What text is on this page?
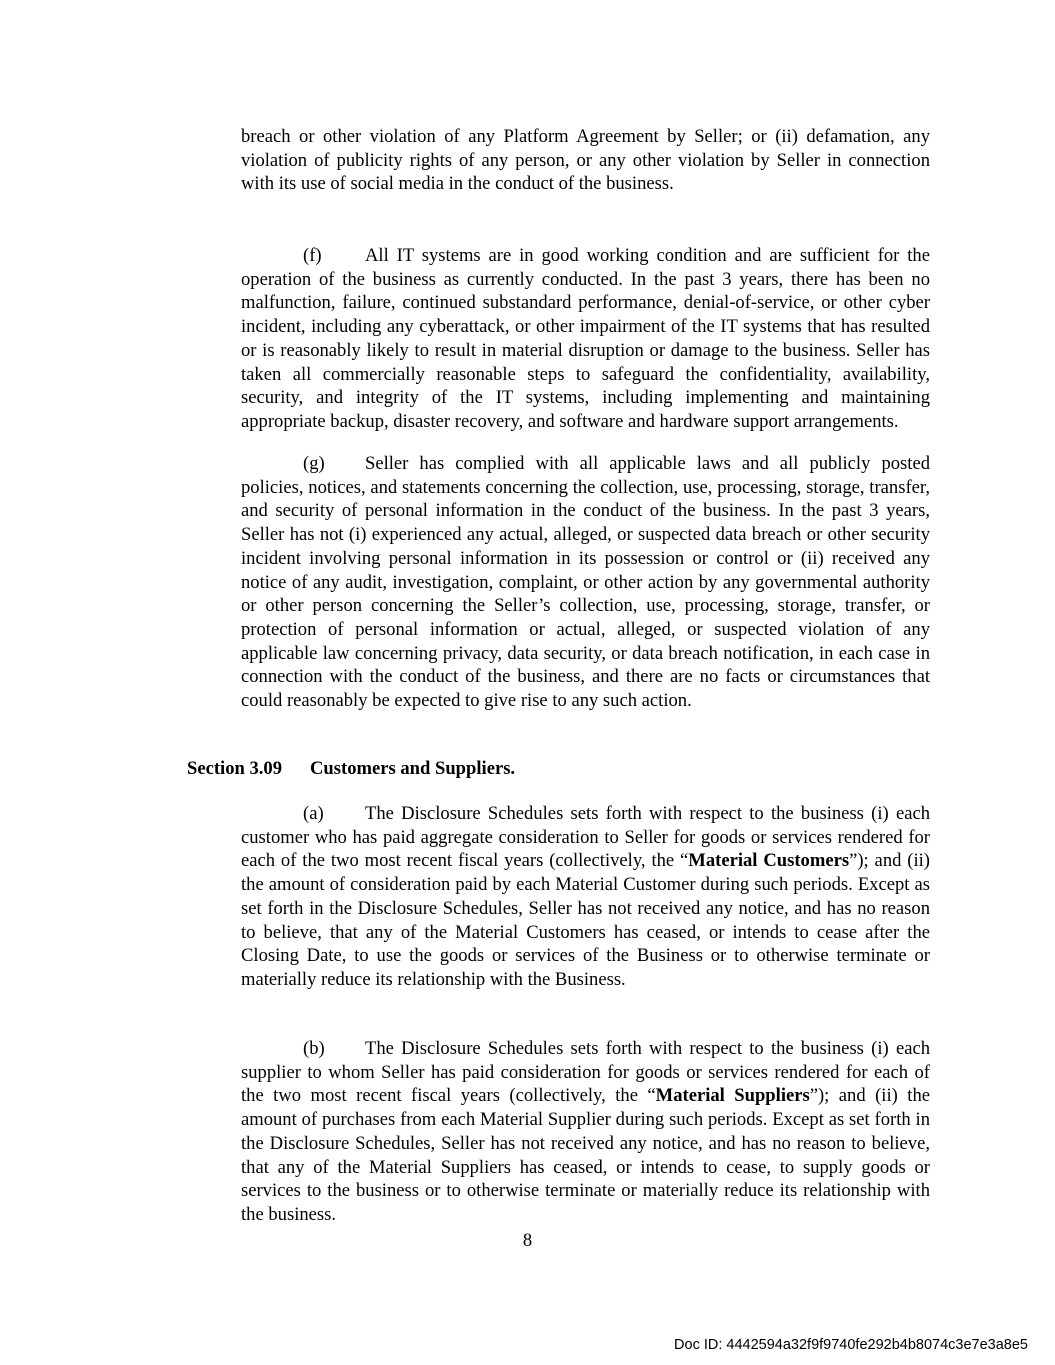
breach or other violation of any Platform Agreement by Seller; or (ii) defamation, any violation of publicity rights of any person, or any other violation by Seller in connection with its use of social media in the conduct of the business.

(f) All IT systems are in good working condition and are sufficient for the operation of the business as currently conducted. In the past 3 years, there has been no malfunction, failure, continued substandard performance, denial-of-service, or other cyber incident, including any cyberattack, or other impairment of the IT systems that has resulted or is reasonably likely to result in material disruption or damage to the business. Seller has taken all commercially reasonable steps to safeguard the confidentiality, availability, security, and integrity of the IT systems, including implementing and maintaining appropriate backup, disaster recovery, and software and hardware support arrangements.

(g) Seller has complied with all applicable laws and all publicly posted policies, notices, and statements concerning the collection, use, processing, storage, transfer, and security of personal information in the conduct of the business. In the past 3 years, Seller has not (i) experienced any actual, alleged, or suspected data breach or other security incident involving personal information in its possession or control or (ii) received any notice of any audit, investigation, complaint, or other action by any governmental authority or other person concerning the Seller’s collection, use, processing, storage, transfer, or protection of personal information or actual, alleged, or suspected violation of any applicable law concerning privacy, data security, or data breach notification, in each case in connection with the conduct of the business, and there are no facts or circumstances that could reasonably be expected to give rise to any such action.

Section 3.09 Customers and Suppliers.

(a) The Disclosure Schedules sets forth with respect to the business (i) each customer who has paid aggregate consideration to Seller for goods or services rendered for each of the two most recent fiscal years (collectively, the “Material Customers”); and (ii) the amount of consideration paid by each Material Customer during such periods. Except as set forth in the Disclosure Schedules, Seller has not received any notice, and has no reason to believe, that any of the Material Customers has ceased, or intends to cease after the Closing Date, to use the goods or services of the Business or to otherwise terminate or materially reduce its relationship with the Business.

(b) The Disclosure Schedules sets forth with respect to the business (i) each supplier to whom Seller has paid consideration for goods or services rendered for each of the two most recent fiscal years (collectively, the “Material Suppliers”); and (ii) the amount of purchases from each Material Supplier during such periods. Except as set forth in the Disclosure Schedules, Seller has not received any notice, and has no reason to believe, that any of the Material Suppliers has ceased, or intends to cease, to supply goods or services to the business or to otherwise terminate or materially reduce its relationship with the business.

8

Doc ID: 4442594a32f9f9740fe292b4b8074c3e7e3a8e5
